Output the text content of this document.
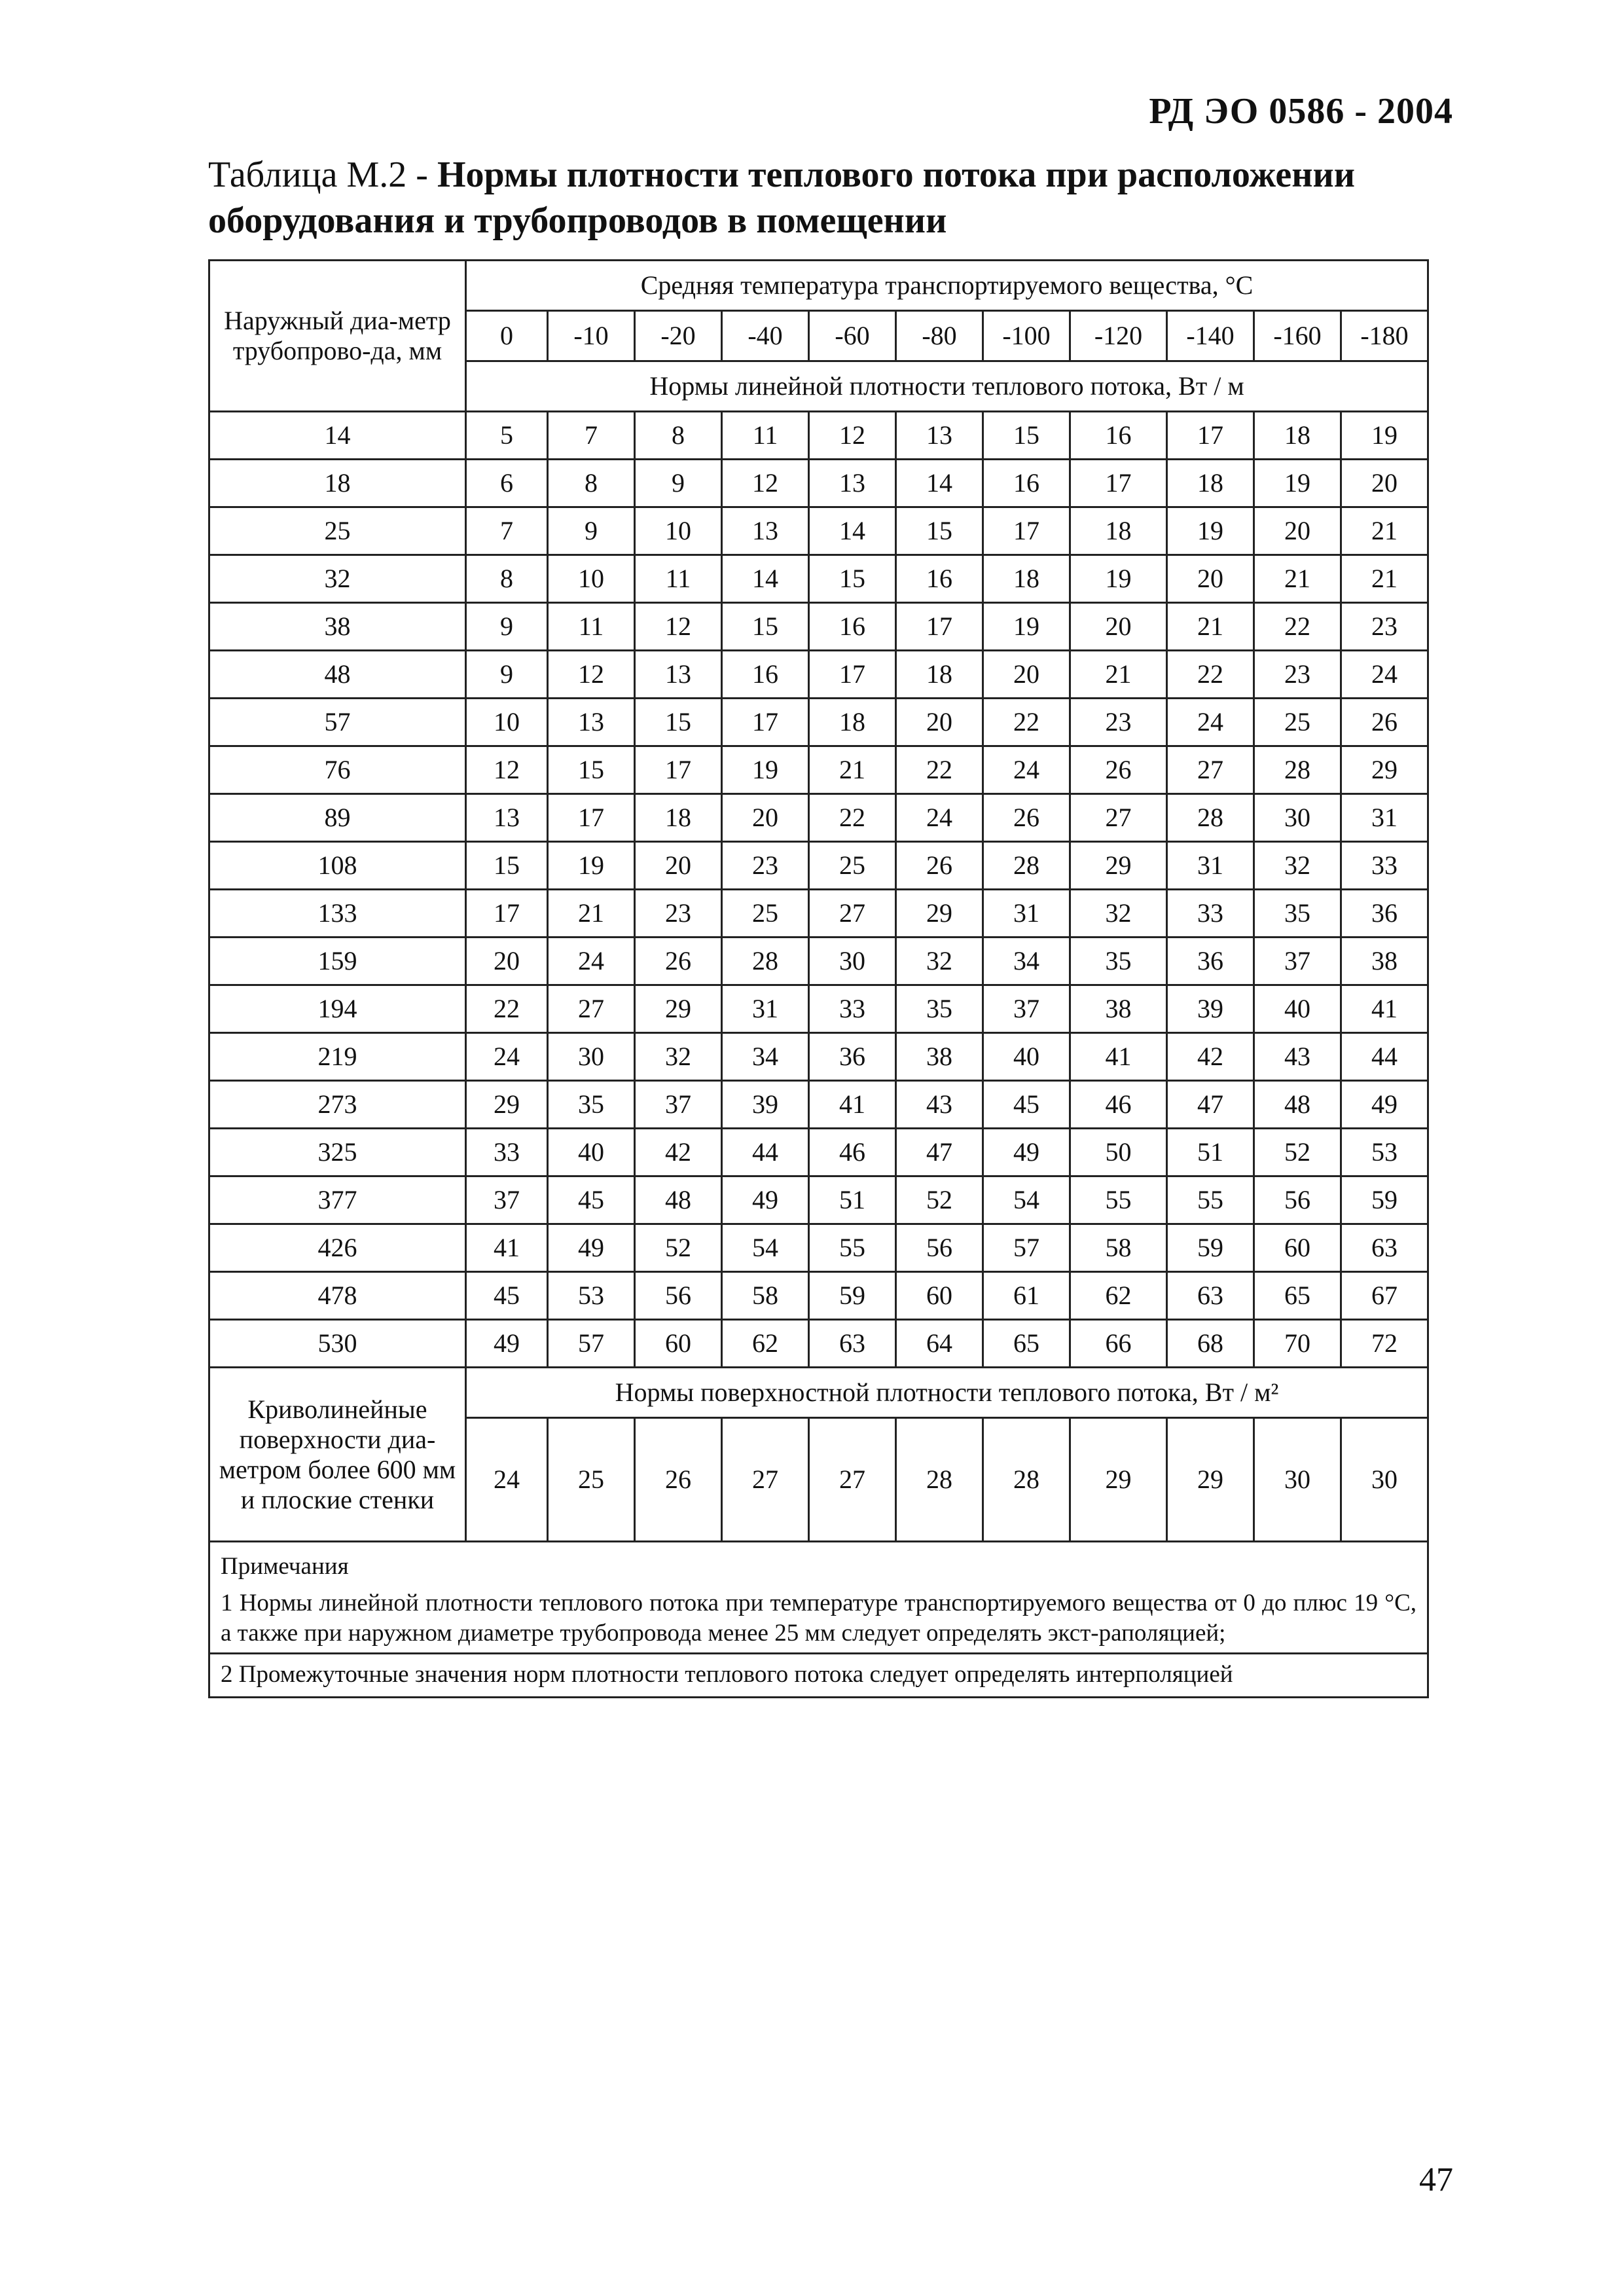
РД ЭО 0586 - 2004
Таблица М.2 - Нормы плотности теплового потока при расположении
оборудования и трубопроводов в помещении
Наружный диа-метр трубопрово-да, мм	Средняя температура транспортируемого вещества, °С										
	0	-10	-20	-40	-60	-80	-100	-120	-140	-160	-180
	Нормы линейной плотности теплового потока, Вт / м										
14	5	7	8	11	12	13	15	16	17	18	19
18	6	8	9	12	13	14	16	17	18	19	20
25	7	9	10	13	14	15	17	18	19	20	21
32	8	10	11	14	15	16	18	19	20	21	21
38	9	11	12	15	16	17	19	20	21	22	23
48	9	12	13	16	17	18	20	21	22	23	24
57	10	13	15	17	18	20	22	23	24	25	26
76	12	15	17	19	21	22	24	26	27	28	29
89	13	17	18	20	22	24	26	27	28	30	31
108	15	19	20	23	25	26	28	29	31	32	33
133	17	21	23	25	27	29	31	32	33	35	36
159	20	24	26	28	30	32	34	35	36	37	38
194	22	27	29	31	33	35	37	38	39	40	41
219	24	30	32	34	36	38	40	41	42	43	44
273	29	35	37	39	41	43	45	46	47	48	49
325	33	40	42	44	46	47	49	50	51	52	53
377	37	45	48	49	51	52	54	55	55	56	59
426	41	49	52	54	55	56	57	58	59	60	63
478	45	53	56	58	59	60	61	62	63	65	67
530	49	57	60	62	63	64	65	66	68	70	72
Криволинейные поверхности диа-метром более 600 мм и плоские стенки	Нормы поверхностной плотности теплового потока, Вт / м²										
	24	25	26	27	27	28	28	29	29	30	30

Примечания
1 Нормы линейной плотности теплового потока при температуре транспортируемого вещества от 0 до плюс 19 °С, а также при наружном диаметре трубопровода менее 25 мм следует определять экст-раполяцией;
2 Промежуточные значения норм плотности теплового потока следует определять интерполяцией											
47
